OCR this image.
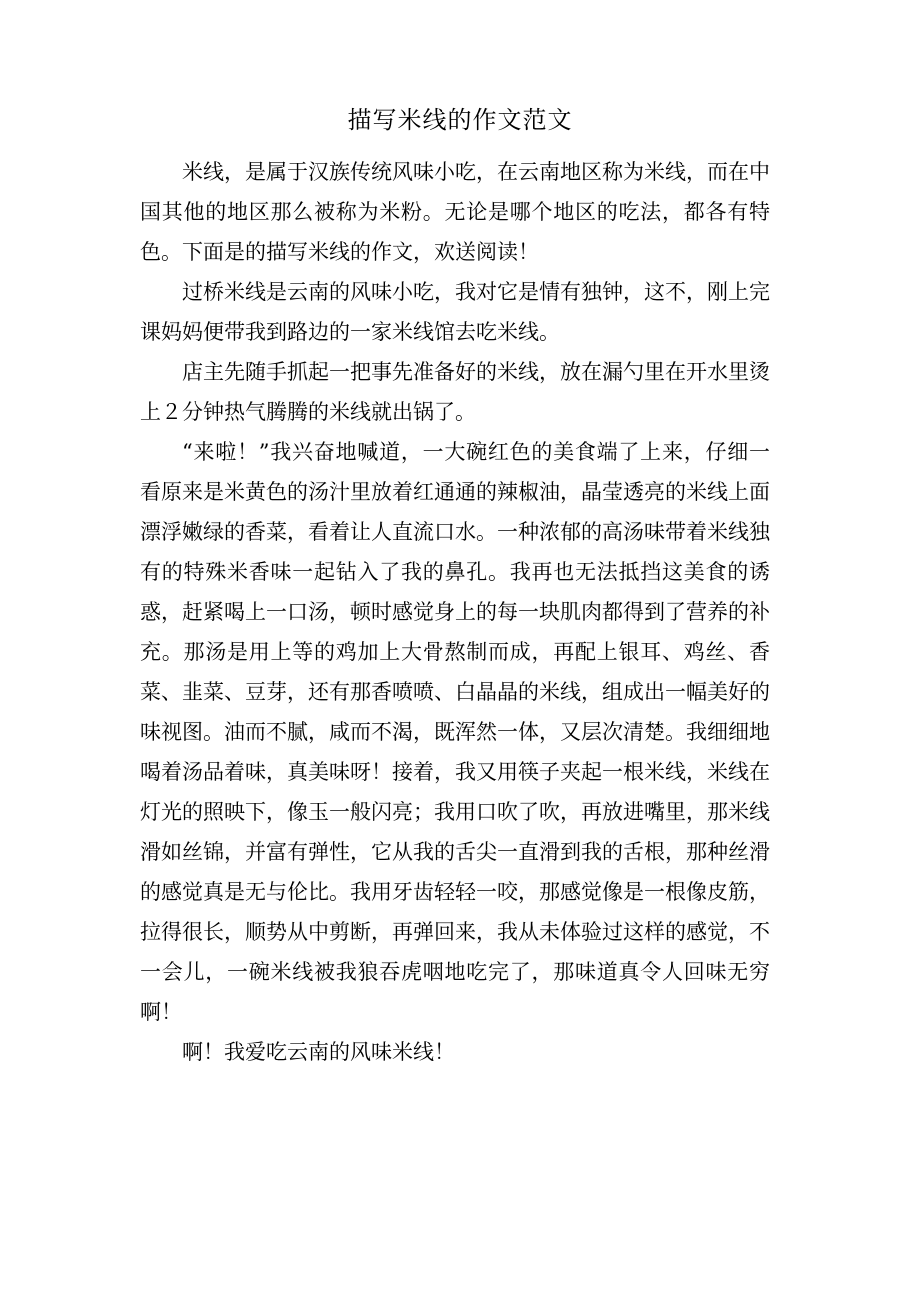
描写米线的作文范文

米线，是属于汉族传统风味小吃，在云南地区称为米线，而在中国其他的地区那么被称为米粉。无论是哪个地区的吃法，都各有特色。下面是的描写米线的作文，欢送阅读！

过桥米线是云南的风味小吃，我对它是情有独钟，这不，刚上完课妈妈便带我到路边的一家米线馆去吃米线。

店主先随手抓起一把事先准备好的米线，放在漏勺里在开水里烫上２分钟热气腾腾的米线就出锅了。

“来啦！”我兴奋地喊道，一大碗红色的美食端了上来，仔细一看原来是米黄色的汤汁里放着红通通的辣椒油，晶莹透亮的米线上面漂浮嫩绿的香菜，看着让人直流口水。一种浓郁的高汤味带着米线独有的特殊米香味一起钻入了我的鼻孔。我再也无法抵挡这美食的诱惑，赶紧喝上一口汤，顿时感觉身上的每一块肌肉都得到了营养的补充。那汤是用上等的鸡加上大骨熬制而成，再配上银耳、鸡丝、香菜、韭菜、豆芽，还有那香喷喷、白晶晶的米线，组成出一幅美好的味视图。油而不腻，咸而不渴，既浑然一体，又层次清楚。我细细地喝着汤品着味，真美味呀！接着，我又用筷子夹起一根米线，米线在灯光的照映下，像玉一般闪亮；我用口吹了吹，再放进嘴里，那米线滑如丝锦，并富有弹性，它从我的舌尖一直滑到我的舌根，那种丝滑的感觉真是无与伦比。我用牙齿轻轻一咬，那感觉像是一根像皮筋，拉得很长，顺势从中剪断，再弹回来，我从未体验过这样的感觉，不一会儿，一碗米线被我狼吞虎咽地吃完了，那味道真令人回味无穷啊！

啊！我爱吃云南的风味米线！
